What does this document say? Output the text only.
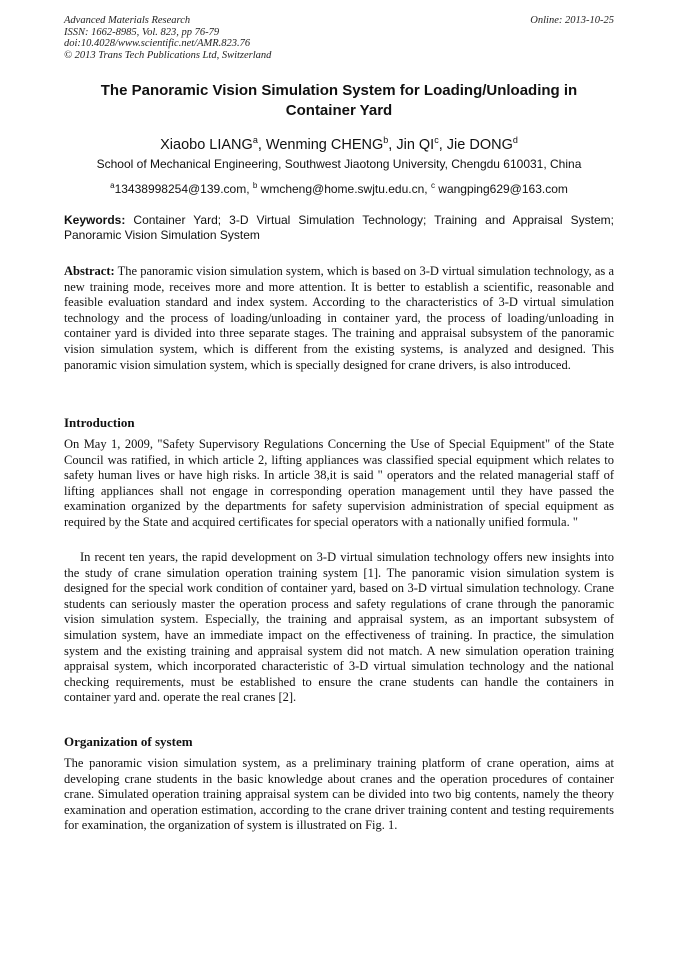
Advanced Materials Research
ISSN: 1662-8985, Vol. 823, pp 76-79
doi:10.4028/www.scientific.net/AMR.823.76
© 2013 Trans Tech Publications Ltd, Switzerland
Online: 2013-10-25
The Panoramic Vision Simulation System for Loading/Unloading in Container Yard
Xiaobo LIANG$^a$, Wenming CHENG$^b$, Jin $QI^c$, Jie DONG$^d$
School of Mechanical Engineering, Southwest Jiaotong University, Chengdu 610031, China
$^a$13438998254@139.com, $^b$ wmcheng@home.swjtu.edu.cn, $^c$ wangping629@163.com
Keywords: Container Yard; 3-D Virtual Simulation Technology; Training and Appraisal System; Panoramic Vision Simulation System
Abstract: The panoramic vision simulation system, which is based on 3-D virtual simulation technology, as a new training mode, receives more and more attention. It is better to establish a scientific, reasonable and feasible evaluation standard and index system. According to the characteristics of 3-D virtual simulation technology and the process of loading/unloading in container yard, the process of loading/unloading in container yard is divided into three separate stages. The training and appraisal subsystem of the panoramic vision simulation system, which is different from the existing systems, is analyzed and designed. This panoramic vision simulation system, which is specially designed for crane drivers, is also introduced.
Introduction
On May 1, 2009, "Safety Supervisory Regulations Concerning the Use of Special Equipment" of the State Council was ratified, in which article 2, lifting appliances was classified special equipment which relates to safety human lives or have high risks. In article 38,it is said " operators and the related managerial staff of lifting appliances shall not engage in corresponding operation management until they have passed the examination organized by the departments for safety supervision administration of special equipment as required by the State and acquired certificates for special operators with a nationally unified formula. "
In recent ten years, the rapid development on 3-D virtual simulation technology offers new insights into the study of crane simulation operation training system [1]. The panoramic vision simulation system is designed for the special work condition of container yard, based on 3-D virtual simulation technology. Crane students can seriously master the operation process and safety regulations of crane through the panoramic vision simulation system. Especially, the training and appraisal system, as an important subsystem of simulation system, have an immediate impact on the effectiveness of training. In practice, the simulation system and the existing training and appraisal system did not match. A new simulation operation training appraisal system, which incorporated characteristic of 3-D virtual simulation technology and the national checking requirements, must be established to ensure the crane students can handle the containers in container yard and. operate the real cranes [2].
Organization of system
The panoramic vision simulation system, as a preliminary training platform of crane operation, aims at developing crane students in the basic knowledge about cranes and the operation procedures of container crane. Simulated operation training appraisal system can be divided into two big contents, namely the theory examination and operation estimation, according to the crane driver training content and testing requirements for examination, the organization of system is illustrated on Fig. 1.
